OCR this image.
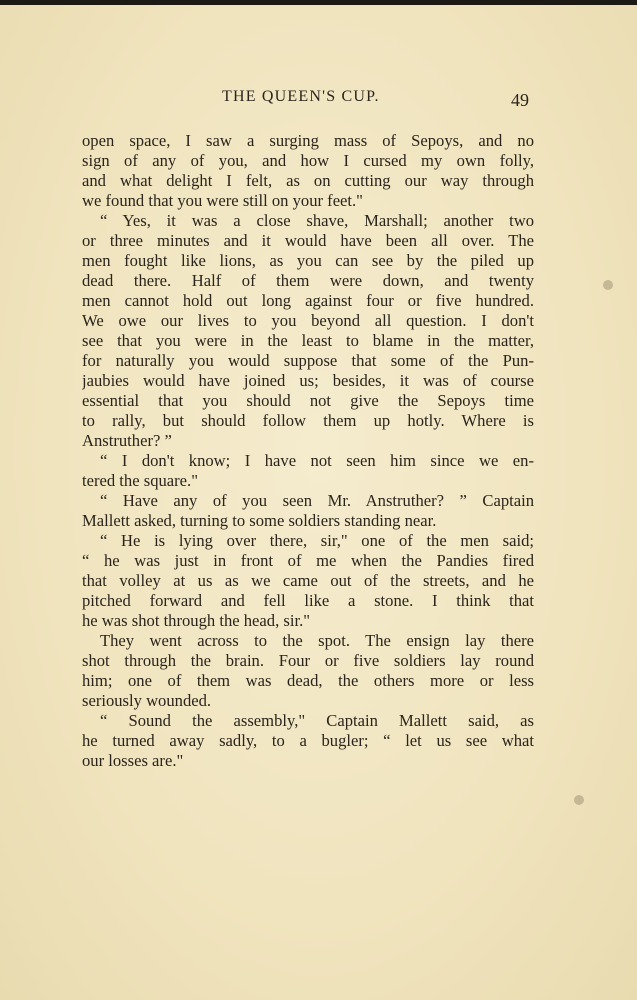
THE QUEEN'S CUP.	49
open space, I saw a surging mass of Sepoys, and no
sign of any of you, and how I cursed my own folly,
and what delight I felt, as on cutting our way through
we found that you were still on your feet."
“ Yes, it was a close shave, Marshall; another two
or three minutes and it would have been all over. The
men fought like lions, as you can see by the piled up
dead there. Half of them were down, and twenty
men cannot hold out long against four or five hundred.
We owe our lives to you beyond all question. I don't
see that you were in the least to blame in the matter,
for naturally you would suppose that some of the Pun-
jaubies would have joined us; besides, it was of course
essential that you should not give the Sepoys time
to rally, but should follow them up hotly. Where is
Anstruther? ”
“ I don't know; I have not seen him since we en-
tered the square."
“ Have any of you seen Mr. Anstruther? ” Captain
Mallett asked, turning to some soldiers standing near.
“ He is lying over there, sir," one of the men said;
“ he was just in front of me when the Pandies fired
that volley at us as we came out of the streets, and he
pitched forward and fell like a stone. I think that
he was shot through the head, sir."
They went across to the spot. The ensign lay there
shot through the brain. Four or five soldiers lay round
him; one of them was dead, the others more or less
seriously wounded.
“ Sound the assembly," Captain Mallett said, as
he turned away sadly, to a bugler; “ let us see what
our losses are."
